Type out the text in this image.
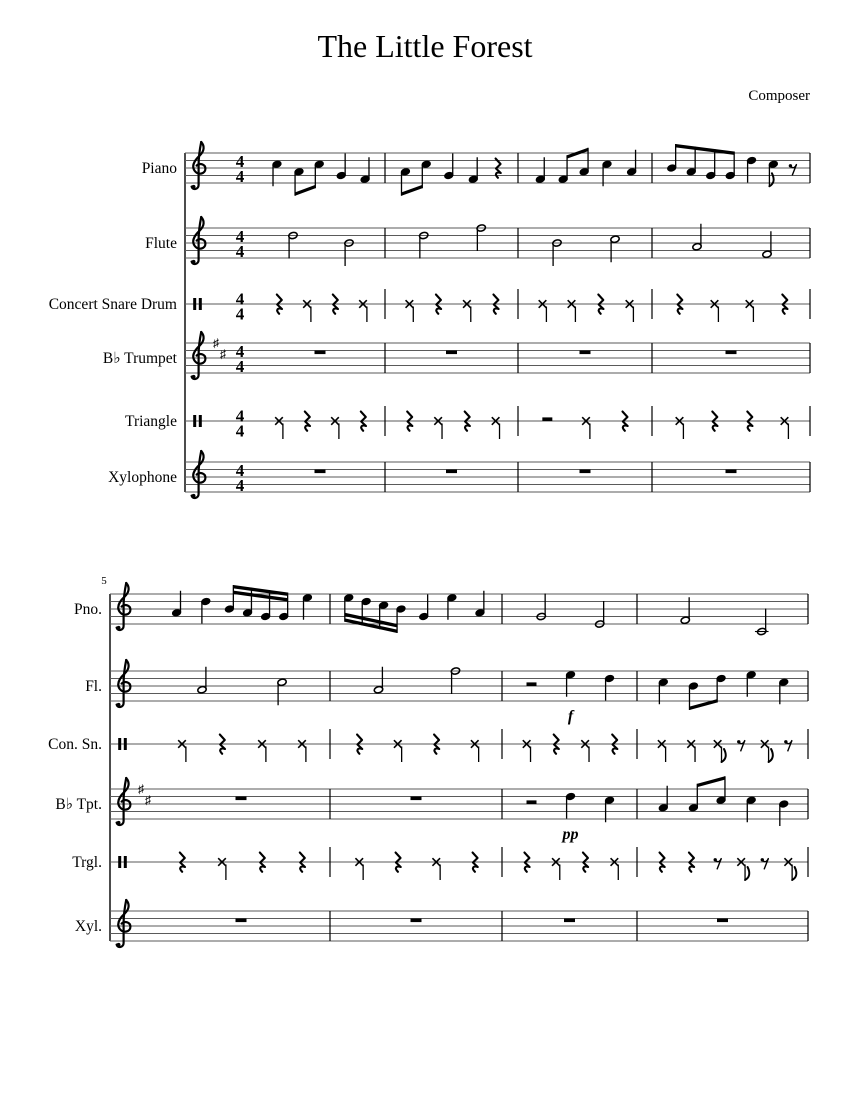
The Little Forest
Composer
Piano	4
4
Flute	4
4
Concert Snare Drum	4
4
B♭ Trumpet
♯
♯ 4
4
Triangle	4
4
Xylophone	4
4
5
Pno.
Fl.
f
Con. Sn.
B♭ Tpt.
♯
♯
pp
Trgl.
Xyl.
